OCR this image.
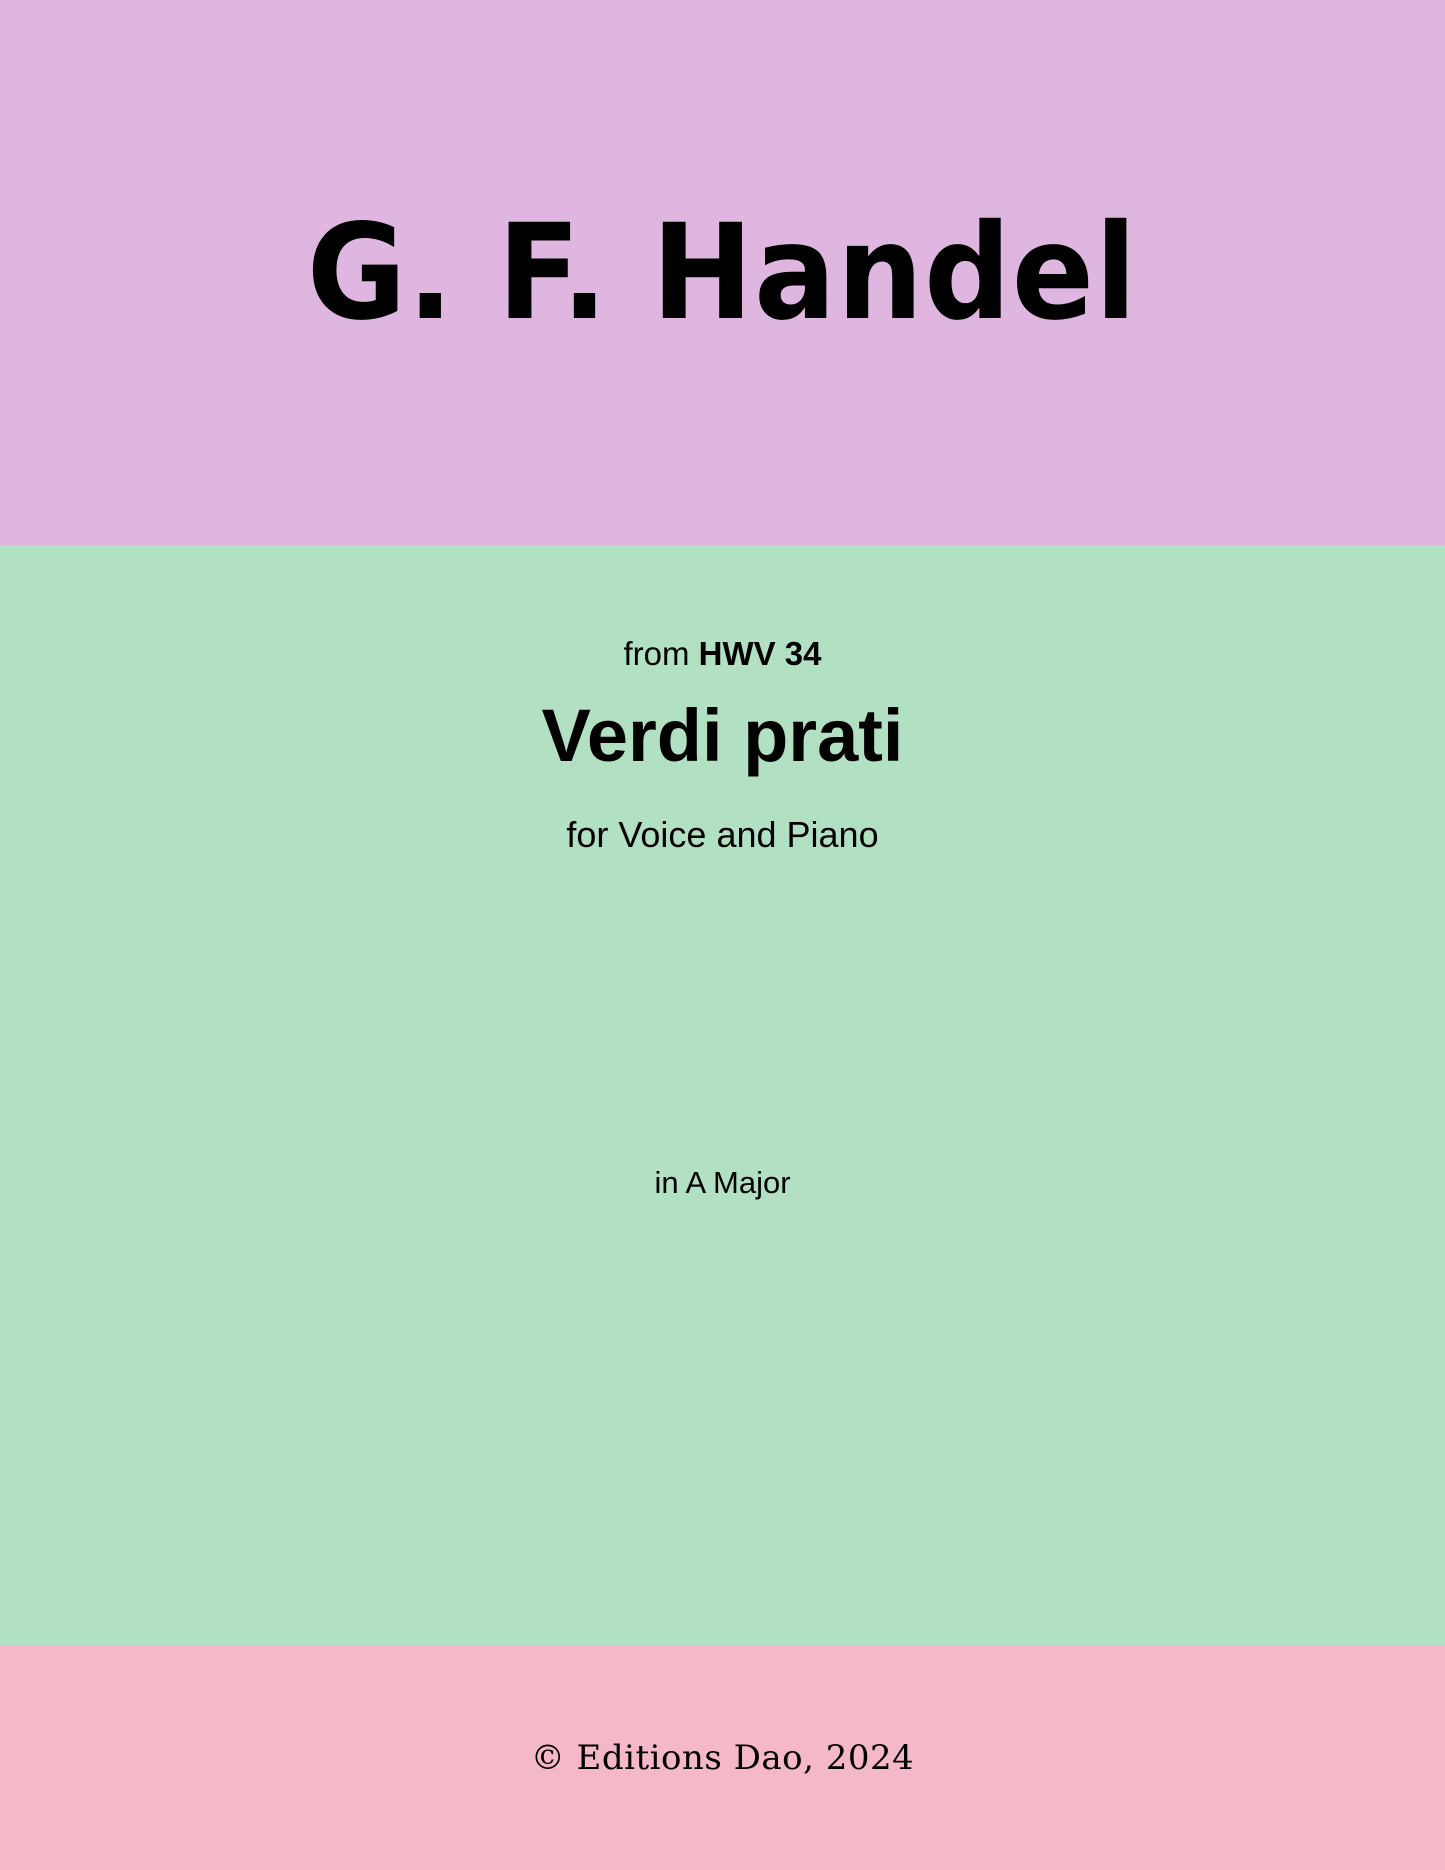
G. F. Handel
from HWV 34
Verdi prati
for Voice and Piano
in A Major
© Editions Dao, 2024
